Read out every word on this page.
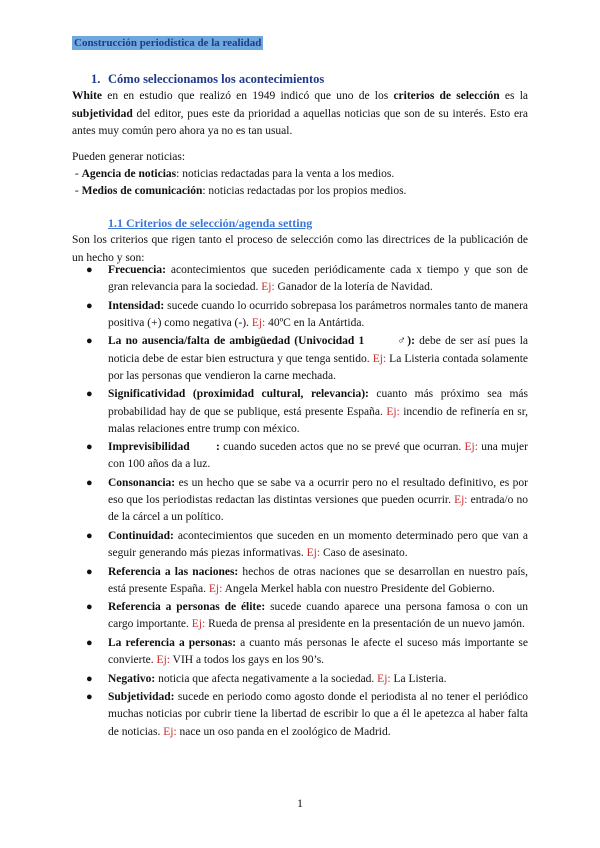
Construcción periodística de la realidad
1. Cómo seleccionamos los acontecimientos
White en en estudio que realizó en 1949 indicó que uno de los criterios de selección es la subjetividad del editor, pues este da prioridad a aquellas noticias que son de su interés. Esto era antes muy común pero ahora ya no es tan usual.
Pueden generar noticias:
- Agencia de noticias: noticias redactadas para la venta a los medios.
- Medios de comunicación: noticias redactadas por los propios medios.
1.1 Criterios de selección/agenda setting
Son los criterios que rigen tanto el proceso de selección como las directrices de la publicación de un hecho y son:
● Frecuencia: acontecimientos que suceden periódicamente cada x tiempo y que son de gran relevancia para la sociedad. Ej: Ganador de la lotería de Navidad.
● Intensidad: sucede cuando lo ocurrido sobrepasa los parámetros normales tanto de manera positiva (+) como negativa (-). Ej: 40ºC en la Antártida.
● La no ausencia/falta de ambigüedad (Univocidad 1        ♂): debe de ser así pues la noticia debe de estar bien estructura y que tenga sentido. Ej: La Listeria contada solamente por las personas que vendieron la carne mechada.
● Significatividad (proximidad cultural, relevancia): cuanto más próximo sea más probabilidad hay de que se publique, está presente España. Ej: incendio de refinería en sr, malas relaciones entre trump con méxico.
● Imprevisibilidad        : cuando suceden actos que no se prevé que ocurran. Ej: una mujer con 100 años da a luz.
● Consonancia: es un hecho que se sabe va a ocurrir pero no el resultado definitivo, es por eso que los periodistas redactan las distintas versiones que pueden ocurrir. Ej: entrada/o no de la cárcel a un político.
● Continuidad: acontecimientos que suceden en un momento determinado pero que van a seguir generando más piezas informativas. Ej: Caso de asesinato.
● Referencia a las naciones: hechos de otras naciones que se desarrollan en nuestro país, está presente España. Ej: Angela Merkel habla con nuestro Presidente del Gobierno.
● Referencia a personas de élite: sucede cuando aparece una persona famosa o con un cargo importante. Ej: Rueda de prensa al presidente en la presentación de un nuevo jamón.
● La referencia a personas: a cuanto más personas le afecte el suceso más importante se convierte. Ej: VIH a todos los gays en los 90’s.
● Negativo: noticia que afecta negativamente a la sociedad. Ej: La Listeria.
● Subjetividad: sucede en periodo como agosto donde el periodista al no tener el periódico muchas noticias por cubrir tiene la libertad de escribir lo que a él le apetezca al haber falta de noticias. Ej: nace un oso panda en el zoológico de Madrid.
1
